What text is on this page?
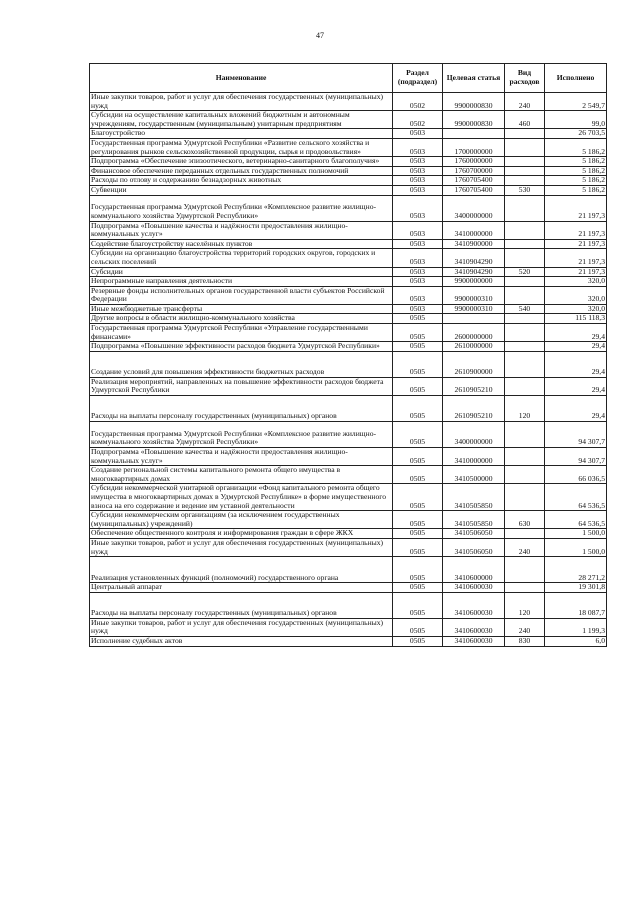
47
Наименование	Раздел (подраздел)	Целевая статья	Вид расходов	Исполнено
Иные закупки товаров, работ и услуг для обеспечения государственных (муниципальных) нужд	0502	9900000830	240	2 549,7
Субсидии на осуществление капитальных вложений бюджетным и автономным учреждениям, государственным (муниципальным) унитарным предприятиям	0502	9900000830	460	99,0
Благоустройство	0503			26 703,5
Государственная программа Удмуртской Республики «Развитие сельского хозяйства и регулирования рынков сельскохозяйственной продукции, сырья и продовольствия»	0503	1700000000		5 186,2
Подпрограмма «Обеспечение эпизоотического, ветеринарно-санитарного благополучия»	0503	1760000000		5 186,2
Финансовое обеспечение переданных отдельных государственных полномочий	0503	1760700000		5 186,2
Расходы по отлову и содержанию безнадзорных животных	0503	1760705400		5 186,2
Субвенции	0503	1760705400	530	5 186,2
Государственная программа Удмуртской Республики «Комплексное развитие жилищно-коммунального хозяйства Удмуртской Республики»	0503	3400000000		21 197,3
Подпрограмма «Повышение качества и надёжности предоставления жилищно-коммунальных услуг»	0503	3410000000		21 197,3
Содействие благоустройству населённых пунктов	0503	3410900000		21 197,3
Субсидии на организацию благоустройства территорий городских округов, городских и сельских поселений	0503	3410904290		21 197,3
Субсидии	0503	3410904290	520	21 197,3
Непрограммные направления деятельности	0503	9900000000		320,0
Резервные фонды исполнительных органов государственной власти субъектов Российской Федерации	0503	9900000310		320,0
Иные межбюджетные трансферты	0503	9900000310	540	320,0
Другие вопросы в области жилищно-коммунального хозяйства	0505			115 118,3
Государственная программа Удмуртской Республики «Управление государственными финансами»	0505	2600000000		29,4
Подпрограмма «Повышение эффективности расходов бюджета Удмуртской Республики»	0505	2610000000		29,4
Создание условий для повышения эффективности бюджетных расходов	0505	2610900000		29,4
Реализация мероприятий, направленных на повышение эффективности расходов бюджета Удмуртской Республики	0505	2610905210		29,4
Расходы на выплаты персоналу государственных (муниципальных) органов	0505	2610905210	120	29,4
Государственная программа Удмуртской Республики «Комплексное развитие жилищно-коммунального хозяйства Удмуртской Республики»	0505	3400000000		94 307,7
Подпрограмма «Повышение качества и надёжности предоставления жилищно-коммунальных услуг»	0505	3410000000		94 307,7
Создание региональной системы капитального ремонта общего имущества в многоквартирных домах	0505	3410500000		66 036,5
Субсидии некоммерческой унитарной организации «Фонд капитального ремонта общего имущества в многоквартирных домах в Удмуртской Республике» в форме имущественного взноса на его содержание и ведение им уставной деятельности	0505	3410505850		64 536,5
Субсидии некоммерческим организациям (за исключением государственных (муниципальных) учреждений)	0505	3410505850	630	64 536,5
Обеспечение общественного контроля и информирования граждан в сфере ЖКХ	0505	3410506050		1 500,0
Иные закупки товаров, работ и услуг для обеспечения государственных (муниципальных) нужд	0505	3410506050	240	1 500,0
Реализация установленных функций (полномочий) государственного органа	0505	3410600000		28 271,2
Центральный аппарат	0505	3410600030		19 301,8
Расходы на выплаты персоналу государственных (муниципальных) органов	0505	3410600030	120	18 087,7
Иные закупки товаров, работ и услуг для обеспечения государственных (муниципальных) нужд	0505	3410600030	240	1 199,3
Исполнение судебных актов	0505	3410600030	830	6,0
